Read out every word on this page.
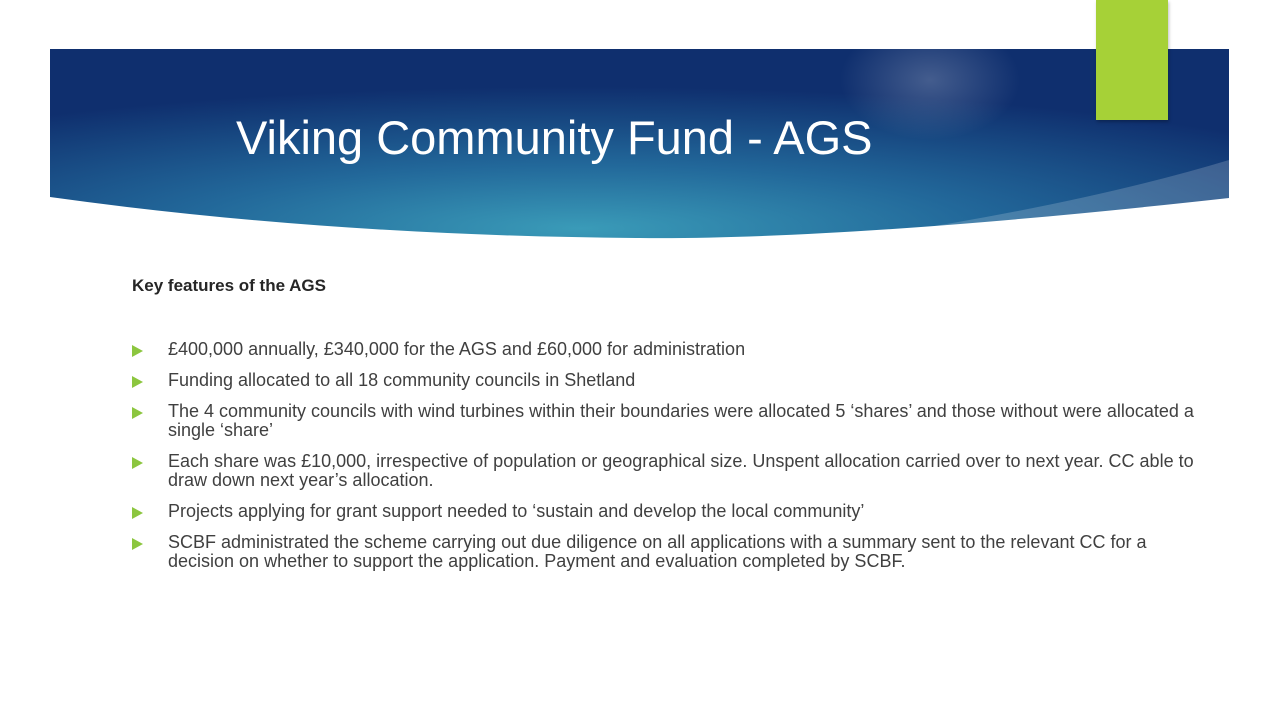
Viking Community Fund - AGS

Key features of the AGS

£400,000 annually, £340,000 for the AGS and £60,000 for administration
Funding allocated to all 18 community councils in Shetland
The 4 community councils with wind turbines within their boundaries were allocated 5 ‘shares’ and those without were allocated a single ‘share’
Each share was £10,000, irrespective of population or geographical size. Unspent allocation carried over to next year. CC able to draw down next year’s allocation.
Projects applying for grant support needed to ‘sustain and develop the local community’
SCBF administrated the scheme carrying out due diligence on all applications with a summary sent to the relevant CC for a decision on whether to support the application. Payment and evaluation completed by SCBF.
